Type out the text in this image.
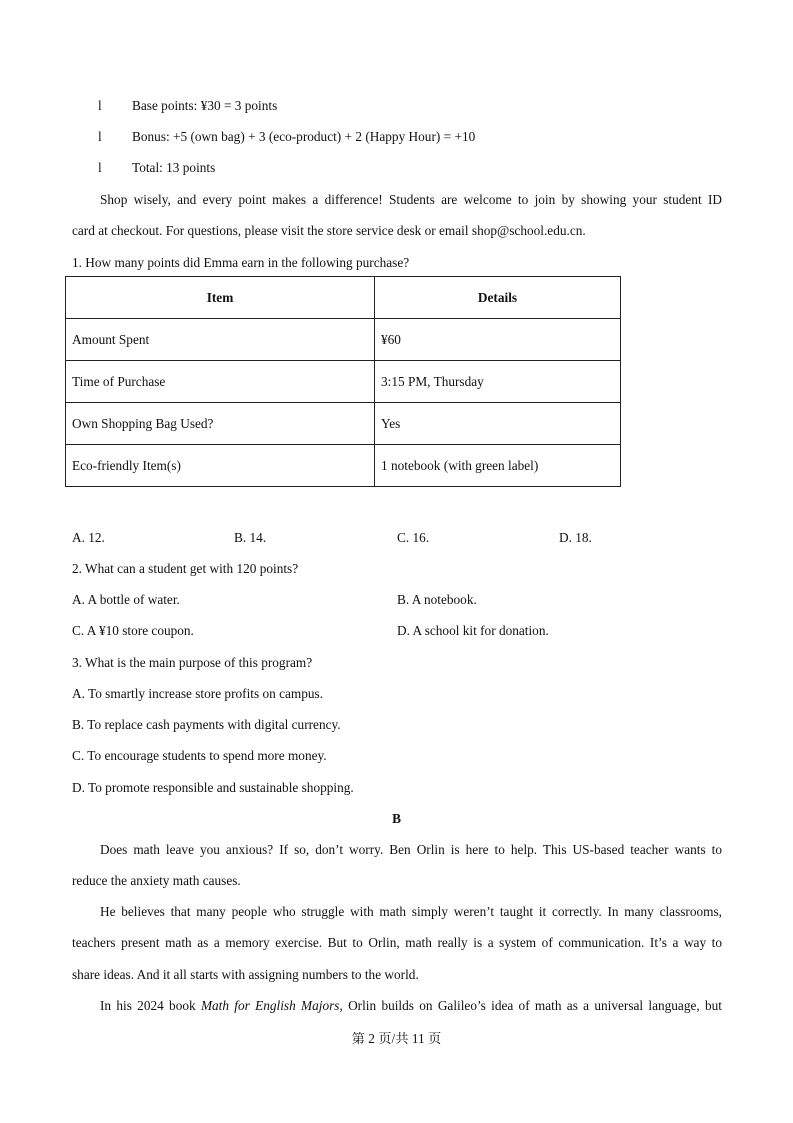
l Base points: ¥30 = 3 points
l Bonus: +5 (own bag) + 3 (eco-product) + 2 (Happy Hour) = +10
l Total: 13 points
Shop wisely, and every point makes a difference! Students are welcome to join by showing your student ID
card at checkout. For questions, please visit the store service desk or email shop@school.edu.cn.
1. How many points did Emma earn in the following purchase?
Item	Details
Amount Spent	¥60
Time of Purchase	3:15 PM, Thursday
Own Shopping Bag Used?	Yes
Eco-friendly Item(s)	1 notebook (with green label)
A. 12.	B. 14.	C. 16.	D. 18.
2. What can a student get with 120 points?
A. A bottle of water.	B. A notebook.
C. A ¥10 store coupon.	D. A school kit for donation.
3. What is the main purpose of this program?
A. To smartly increase store profits on campus.
B. To replace cash payments with digital currency.
C. To encourage students to spend more money.
D. To promote responsible and sustainable shopping.
B
Does math leave you anxious? If so, don’t worry. Ben Orlin is here to help. This US-based teacher wants to
reduce the anxiety math causes.
He believes that many people who struggle with math simply weren’t taught it correctly. In many classrooms,
teachers present math as a memory exercise. But to Orlin, math really is a system of communication. It’s a way to
share ideas. And it all starts with assigning numbers to the world.
In his 2024 book Math for English Majors, Orlin builds on Galileo’s idea of math as a universal language, but
第 2 页/共 11 页
